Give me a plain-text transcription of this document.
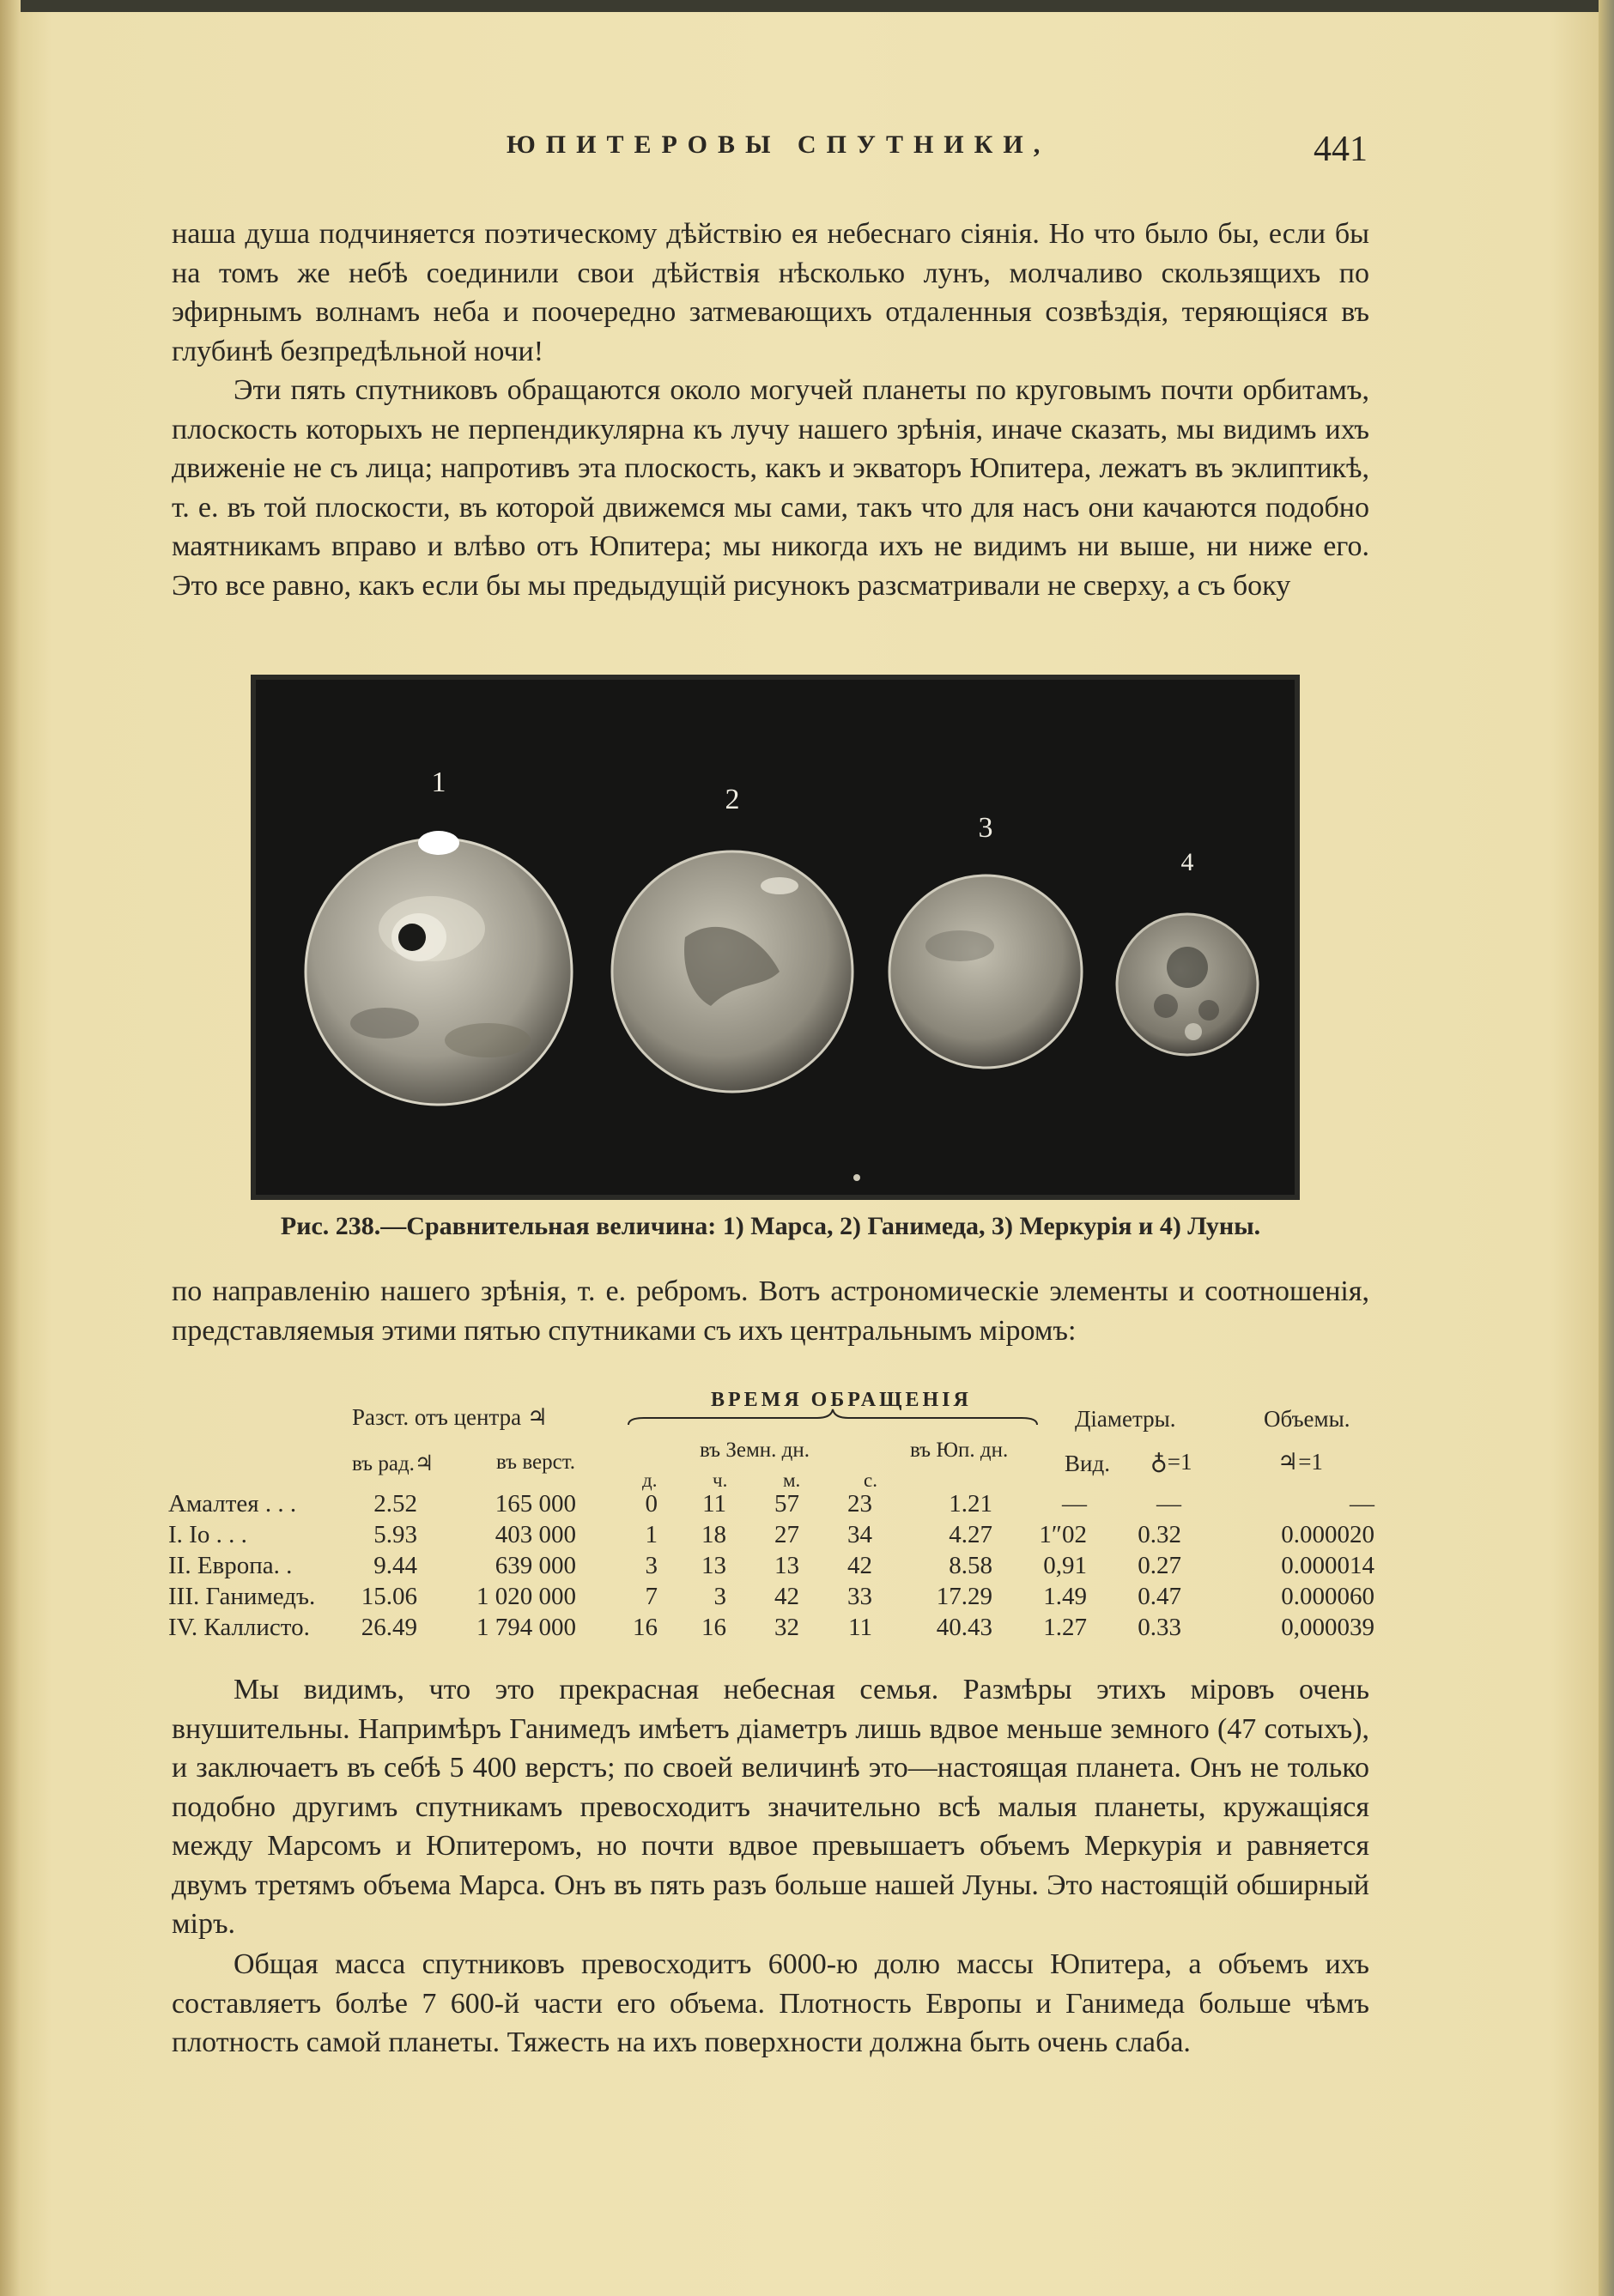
ЮПИТЕРОВЫ СПУТНИКИ,	441

наша душа подчиняется поэтическому дѣйствію ея небеснаго сіянія. Но что было бы, если бы на томъ же небѣ соединили свои дѣйствія нѣсколько лунъ, молчаливо скользящихъ по эфирнымъ волнамъ неба и поочередно затмевающихъ отдаленныя созвѣздія, теряющіяся въ глубинѣ безпредѣльной ночи!

Эти пять спутниковъ обращаются около могучей планеты по круговымъ почти орбитамъ, плоскость которыхъ не перпендикулярна къ лучу нашего зрѣнія, иначе сказать, мы видимъ ихъ движеніе не съ лица; напротивъ эта плоскость, какъ и экваторъ Юпитера, лежатъ въ эклиптикѣ, т. е. въ той плоскости, въ которой движемся мы сами, такъ что для насъ они качаются подобно маятникамъ вправо и влѣво отъ Юпитера; мы никогда ихъ не видимъ ни выше, ни ниже его. Это все равно, какъ если бы мы предыдущій рисунокъ разсматривали не сверху, а съ боку

1
2
3
4
Рис. 238.—Сравнительная величина: 1) Марса, 2) Ганимеда, 3) Меркурія и 4) Луны.

по направленію нашего зрѣнія, т. е. ребромъ. Вотъ астрономическіе элементы и соотношенія, представляемыя этими пятью спутниками съ ихъ центральнымъ міромъ:

Разст. отъ центра ♃
ВРЕМЯ ОБРАЩЕНІЯ
Діаметры.	Объемы.
въ рад.♃	въ верст.
въ Земн. дн.	въ Юп. дн.
Вид. ♁=1	♃=1
д.	ч.	м.	с.
Амалтея . . .	2.52	165 000	0	11	57	23	1.21	—	—	—
I. Іо . . .	5.93	403 000	1	18	27	34	4.27	1″02	0.32	0.000020
II. Европа. .	9.44	639 000	3	13	13	42	8.58	0,91	0.27	0.000014
III. Ганимедъ.	15.06	1 020 000	7	3	42	33	17.29	1.49	0.47	0.000060
IV. Каллисто.	26.49	1 794 000	16	16	32	11	40.43	1.27	0.33	0,000039

Мы видимъ, что это прекрасная небесная семья. Размѣры этихъ міровъ очень внушительны. Напримѣръ Ганимедъ имѣетъ діаметръ лишь вдвое меньше земного (47 сотыхъ), и заключаетъ въ себѣ 5 400 верстъ; по своей величинѣ это—настоящая планета. Онъ не только подобно другимъ спутникамъ превосходитъ значительно всѣ малыя планеты, кружащіяся между Марсомъ и Юпитеромъ, но почти вдвое превышаетъ объемъ Меркурія и равняется двумъ третямъ объема Марса. Онъ въ пять разъ больше нашей Луны. Это настоящій обширный міръ.

Общая масса спутниковъ превосходитъ 6000-ю долю массы Юпитера, а объемъ ихъ составляетъ болѣе 7 600-й части его объема. Плотность Европы и Ганимеда больше чѣмъ плотность самой планеты. Тяжесть на ихъ поверхности должна быть очень слаба.
